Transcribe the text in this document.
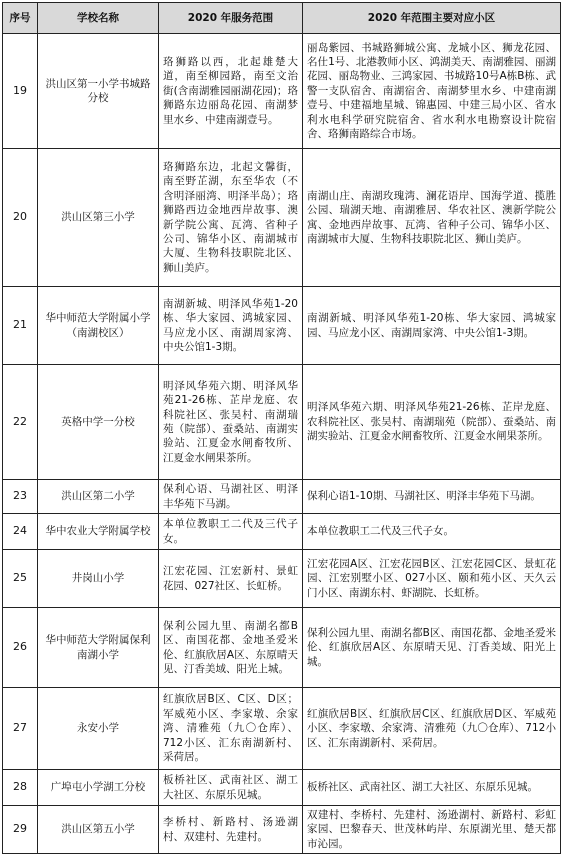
序号	学校名称	2020 年服务范围	2020 年范围主要对应小区
19	洪山区第一小学书城路分校	珞狮路以西，北起雄楚大道，南至柳园路，南至文治街(含南湖雅园丽湖花园)；珞狮路东边丽岛花园、南湖梦里水乡、中建南湖壹号。	丽岛紫园、书城路狮城公寓、龙城小区、狮龙花园、名仕1号、北港教师小区、鸿湖美天、南湖雅园、丽湖花园、丽岛物业、三鸿家园、书城路10号A栋B栋、武警一支队宿舍、南湖宿舍、南湖梦里水乡、中建南湖壹号、中建福地星城、锦惠园、中建三局小区、省水利水电科学研究院宿舍、省水利水电勘察设计院宿舍、珞狮南路综合市场。
20	洪山区第三小学	珞狮路东边，北起文馨街，南至野芷湖，东至华农（不含明泽丽湾、明泽半岛）；珞狮路西边金地西岸故事、澳新学院公寓、瓦湾、省种子公司、锦华小区、南湖城市大厦、生物科技职院北区、狮山美庐。	南湖山庄、南湖玫瑰湾、澜花语岸、国海学道、揽胜公园、瑞湖天地、南湖雅居、华农社区、澳新学院公寓、金地西岸故事、瓦湾、省种子公司、锦华小区、南湖城市大厦、生物科技职院北区、狮山美庐。
21	华中师范大学附属小学（南湖校区）	南湖新城、明泽风华苑1-20栋、华大家园、鸿城家园、马应龙小区、南湖周家湾、中央公馆1-3期。	南湖新城、明泽风华苑1-20栋、华大家园、鸿城家园、马应龙小区、南湖周家湾、中央公馆1-3期。
22	英格中学一分校	明泽风华苑六期、明泽风华苑21-26栋、芷岸龙庭、农科院社区、张吴村、南湖瑞苑（院部）、蚕桑站、南湖实验站、江夏金水闸畜牧所、江夏金水闸果茶所。	明泽风华苑六期、明泽风华苑21-26栋、芷岸龙庭、农科院社区、张吴村、南湖瑞苑（院部）、蚕桑站、南湖实验站、江夏金水闸畜牧所、江夏金水闸果茶所。
23	洪山区第二小学	保利心语、马湖社区、明泽丰华苑下马湖。	保利心语1-10期、马湖社区、明泽丰华苑下马湖。
24	华中农业大学附属学校	本单位教职工二代及三代子女。	本单位教职工二代及三代子女。
25	井岗山小学	江宏花园、江宏新村、景虹花园、027社区、长虹桥。	江宏花园A区、江宏花园B区、江宏花园C区、景虹花园、江宏别墅小区、027小区、颐和苑小区、天久云门小区、南湖东村、虾湖院、长虹桥。
26	华中师范大学附属保利南湖小学	保利公园九里、南湖名都B区、南国花都、金地圣爱米伦、红旗欣居A区、东原晴天见、汀香美域、阳光上城。	保利公园九里、南湖名都B区、南国花都、金地圣爱米伦、红旗欣居A区、东原晴天见、汀香美域、阳光上城。
27	永安小学	红旗欣居B区、C区、D区；军威苑小区、李家墩、余家湾、清雅苑（九〇仓库）、712小区、汇东南湖新村、采荷居。	红旗欣居B区、红旗欣居C区、红旗欣居D区、军威苑小区、李家墩、余家湾、清雅苑（九〇仓库）、712小区、汇东南湖新村、采荷居。
28	广埠屯小学湖工分校	板桥社区、武南社区、湖工大社区、东原乐见城。	板桥社区、武南社区、湖工大社区、东原乐见城。
29	洪山区第五小学	李桥村、新路村、汤逊湖村、双建村、先建村。	双建村、李桥村、先建村、汤逊湖村、新路村、彩虹家园、巴黎春天、世茂林屿岸、东原湖光里、楚天都市沁园。
